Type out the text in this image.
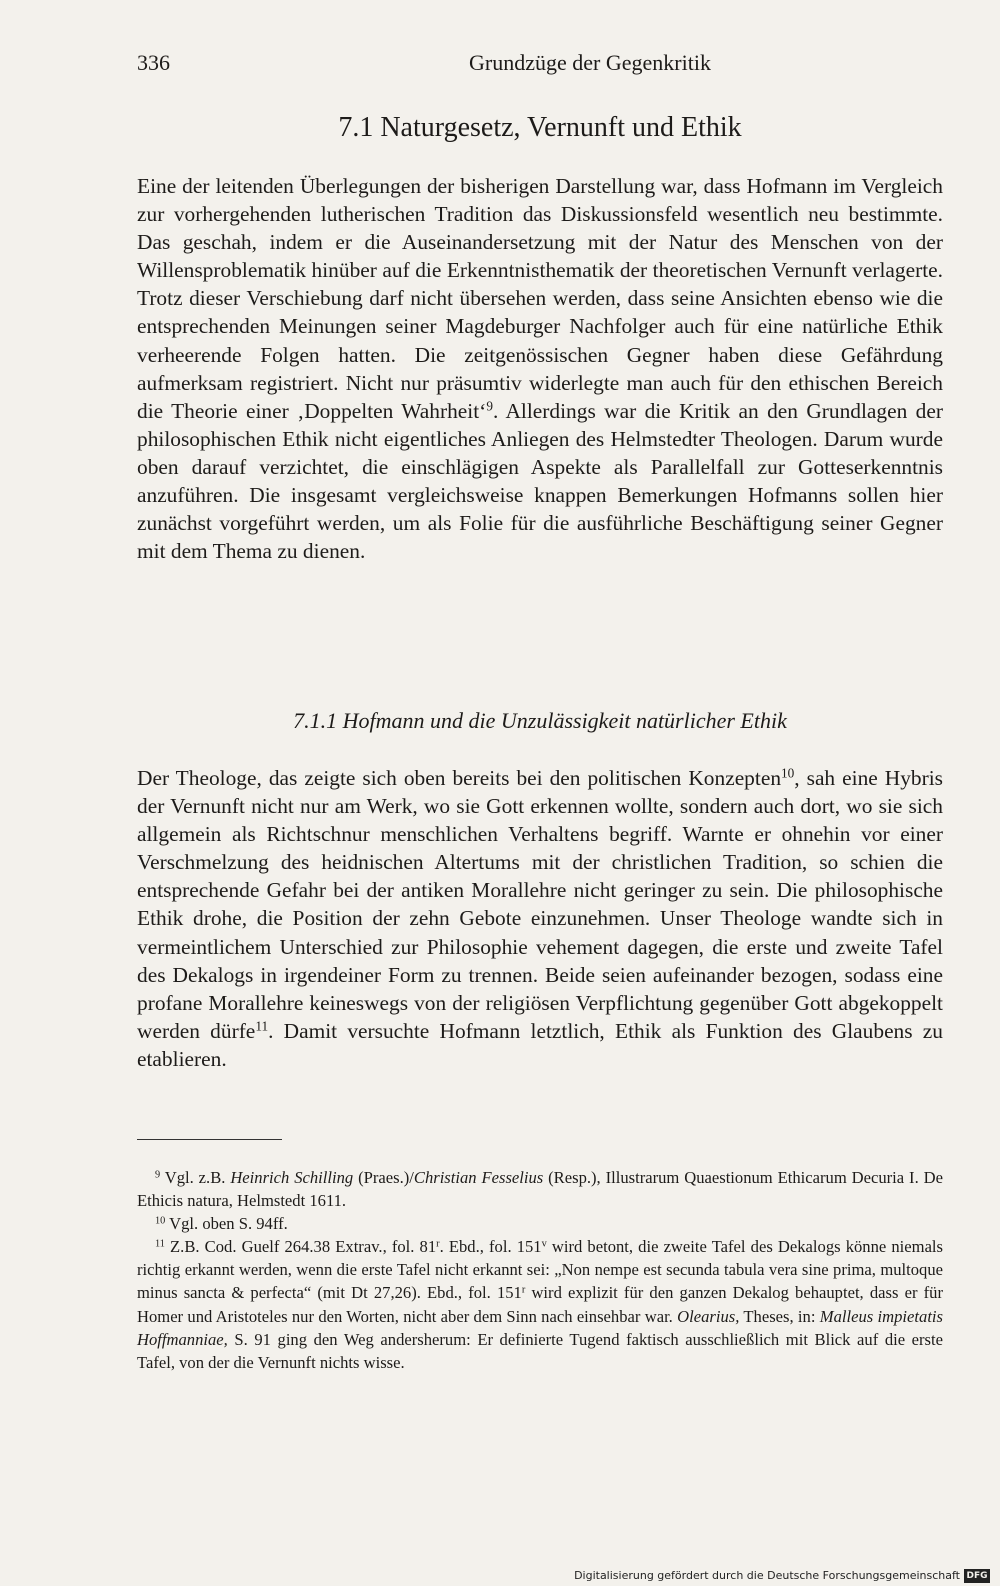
336	Grundzüge der Gegenkritik
7.1 Naturgesetz, Vernunft und Ethik

Eine der leitenden Überlegungen der bisherigen Darstellung war, dass Hofmann im Vergleich zur vorhergehenden lutherischen Tradition das Diskussionsfeld wesentlich neu bestimmte. Das geschah, indem er die Auseinandersetzung mit der Natur des Menschen von der Willensproblematik hinüber auf die Erkenntnisthematik der theoretischen Vernunft verlagerte. Trotz dieser Verschiebung darf nicht übersehen werden, dass seine Ansichten ebenso wie die entsprechenden Meinungen seiner Magdeburger Nachfolger auch für eine natürliche Ethik verheerende Folgen hatten. Die zeitgenössischen Gegner haben diese Gefährdung aufmerksam registriert. Nicht nur präsumtiv widerlegte man auch für den ethischen Bereich die Theorie einer ‚Doppelten Wahrheit‘$^9$. Allerdings war die Kritik an den Grundlagen der philosophischen Ethik nicht eigentliches Anliegen des Helmstedter Theologen. Darum wurde oben darauf verzichtet, die einschlägigen Aspekte als Parallelfall zur Gotteserkenntnis anzuführen. Die insgesamt vergleichsweise knappen Bemerkungen Hofmanns sollen hier zunächst vorgeführt werden, um als Folie für die ausführliche Beschäftigung seiner Gegner mit dem Thema zu dienen.

7.1.1 Hofmann und die Unzulässigkeit natürlicher Ethik

Der Theologe, das zeigte sich oben bereits bei den politischen Konzepten$^{10}$, sah eine Hybris der Vernunft nicht nur am Werk, wo sie Gott erkennen wollte, sondern auch dort, wo sie sich allgemein als Richtschnur menschlichen Verhaltens begriff. Warnte er ohnehin vor einer Verschmelzung des heidnischen Altertums mit der christlichen Tradition, so schien die entsprechende Gefahr bei der antiken Morallehre nicht geringer zu sein. Die philosophische Ethik drohe, die Position der zehn Gebote einzunehmen. Unser Theologe wandte sich in vermeintlichem Unterschied zur Philosophie vehement dagegen, die erste und zweite Tafel des Dekalogs in irgendeiner Form zu trennen. Beide seien aufeinander bezogen, sodass eine profane Morallehre keineswegs von der religiösen Verpflichtung gegenüber Gott abgekoppelt werden dürfe$^{11}$. Damit versuchte Hofmann letztlich, Ethik als Funktion des Glaubens zu etablieren.

$^9$ Vgl. z.B. Heinrich Schilling (Praes.)/Christian Fesselius (Resp.), Illustrarum Quaestionum Ethicarum Decuria I. De Ethicis natura, Helmstedt 1611.

$^{10}$ Vgl. oben S. 94ff.

$^{11}$ Z.B. Cod. Guelf 264.38 Extrav., fol. 81$^r$. Ebd., fol. 151$^v$ wird betont, die zweite Tafel des Dekalogs könne niemals richtig erkannt werden, wenn die erste Tafel nicht erkannt sei: „Non nempe est secunda tabula vera sine prima, multoque minus sancta & perfecta“ (mit Dt 27,26). Ebd., fol. 151$^r$ wird explizit für den ganzen Dekalog behauptet, dass er für Homer und Aristoteles nur den Worten, nicht aber dem Sinn nach einsehbar war. Olearius, Theses, in: Malleus impietatis Hoffmanniae, S. 91 ging den Weg andersherum: Er definierte Tugend faktisch ausschließlich mit Blick auf die erste Tafel, von der die Vernunft nichts wisse.

Digitalisierung gefördert durch die Deutsche Forschungsgemeinschaft DFG
